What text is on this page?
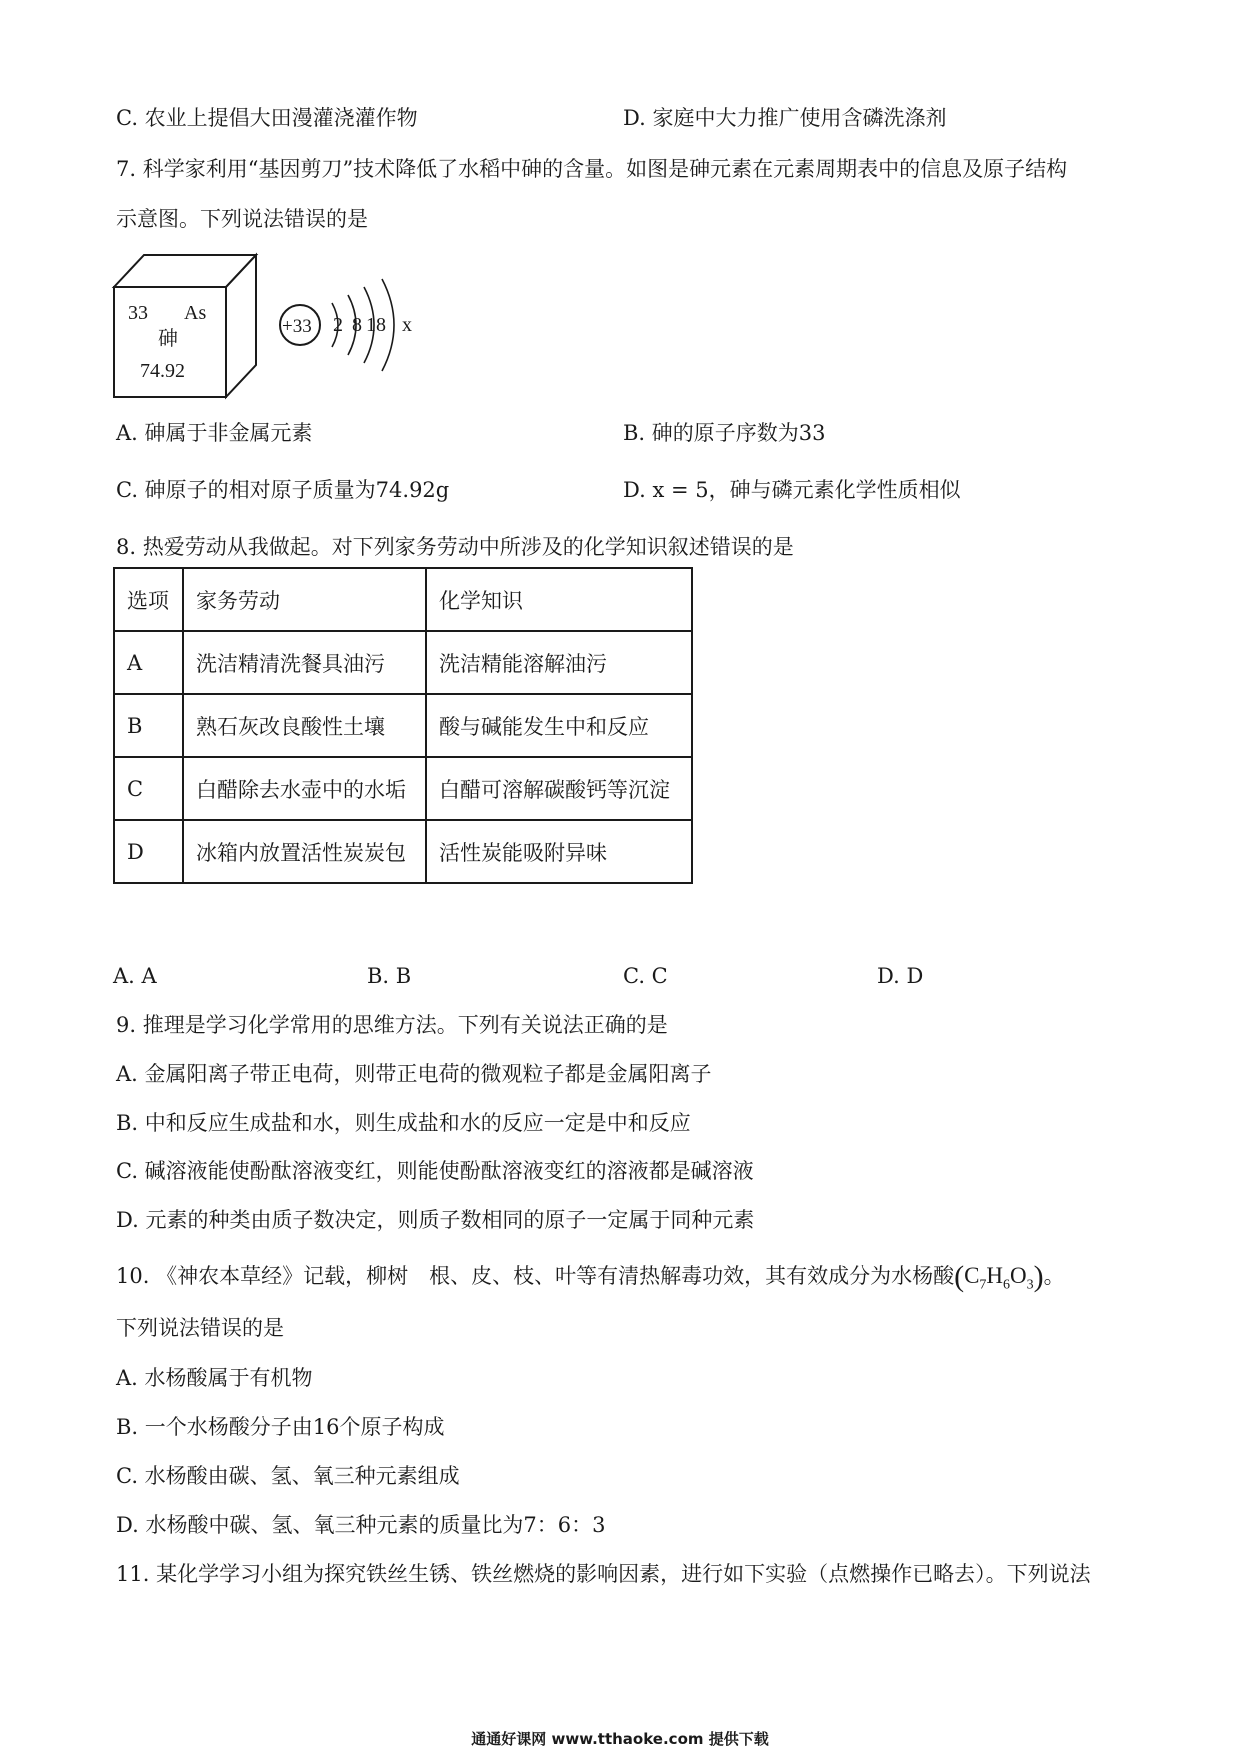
C. 农业上提倡大田漫灌浇灌作物	D. 家庭中大力推广使用含磷洗涤剂
7. 科学家利用“基因剪刀”技术降低了水稻中砷的含量。如图是砷元素在元素周期表中的信息及原子结构
示意图。下列说法错误的是
33 As
砷
74.92
+33 2 8 18 x
A. 砷属于非金属元素	B. 砷的原子序数为33
C. 砷原子的相对原子质量为74.92g	D. x = 5，砷与磷元素化学性质相似
8. 热爱劳动从我做起。对下列家务劳动中所涉及的化学知识叙述错误的是
选项	家务劳动	化学知识
A	洗洁精清洗餐具油污	洗洁精能溶解油污
B	熟石灰改良酸性土壤	酸与碱能发生中和反应
C	白醋除去水壶中的水垢	白醋可溶解碳酸钙等沉淀
D	冰箱内放置活性炭炭包	活性炭能吸附异味
A. A	B. B	C. C	D. D
9. 推理是学习化学常用的思维方法。下列有关说法正确的是
A. 金属阳离子带正电荷，则带正电荷的微观粒子都是金属阳离子
B. 中和反应生成盐和水，则生成盐和水的反应一定是中和反应
C. 碱溶液能使酚酞溶液变红，则能使酚酞溶液变红的溶液都是碱溶液
D. 元素的种类由质子数决定，则质子数相同的原子一定属于同种元素
10. 《神农本草经》记载，柳树　根、皮、枝、叶等有清热解毒功效，其有效成分为水杨酸$(C_7H_6O_3)$。
下列说法错误的是
A. 水杨酸属于有机物
B. 一个水杨酸分子由16个原子构成
C. 水杨酸由碳、氢、氧三种元素组成
D. 水杨酸中碳、氢、氧三种元素的质量比为7：6：3
11. 某化学学习小组为探究铁丝生锈、铁丝燃烧的影响因素，进行如下实验（点燃操作已略去）。下列说法
通通好课网 www.tthaoke.com 提供下载
